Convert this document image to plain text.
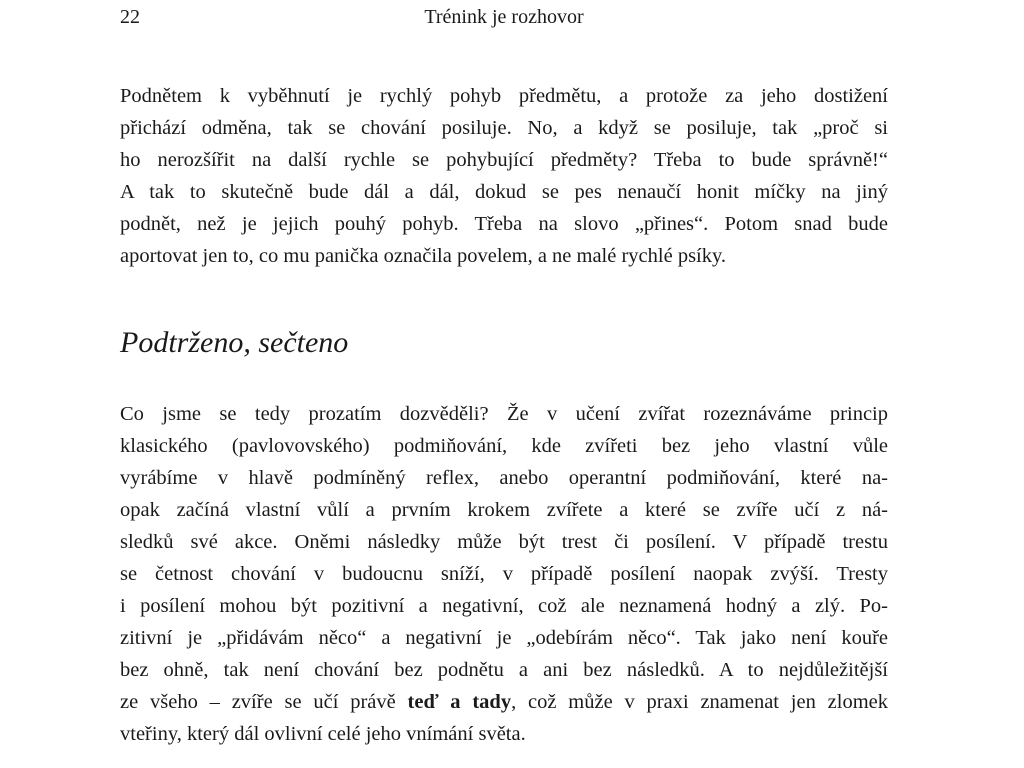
22	Trénink je rozhovor
Podnětem k vyběhnutí je rychlý pohyb předmětu, a protože za jeho dostižení
přichází odměna, tak se chování posiluje. No, a když se posiluje, tak „proč si
ho nerozšířit na další rychle se pohybující předměty? Třeba to bude správně!“
A tak to skutečně bude dál a dál, dokud se pes nenaučí honit míčky na jiný
podnět, než je jejich pouhý pohyb. Třeba na slovo „přines“. Potom snad bude
aportovat jen to, co mu panička označila povelem, a ne malé rychlé psíky.
Podtrženo, sečteno
Co jsme se tedy prozatím dozvěděli? Že v učení zvířat rozeznáváme princip
klasického (pavlovovského) podmiňování, kde zvířeti bez jeho vlastní vůle
vyrábíme v hlavě podmíněný reflex, anebo operantní podmiňování, které na-
opak začíná vlastní vůlí a prvním krokem zvířete a které se zvíře učí z ná-
sledků své akce. Oněmi následky může být trest či posílení. V případě trestu
se četnost chování v budoucnu sníží, v případě posílení naopak zvýší. Tresty
i posílení mohou být pozitivní a negativní, což ale neznamená hodný a zlý. Po-
zitivní je „přidávám něco“ a negativní je „odebírám něco“. Tak jako není kouře
bez ohně, tak není chování bez podnětu a ani bez následků. A to nejdůležitější
ze všeho – zvíře se učí právě teď a tady, což může v praxi znamenat jen zlomek
vteřiny, který dál ovlivní celé jeho vnímání světa.
